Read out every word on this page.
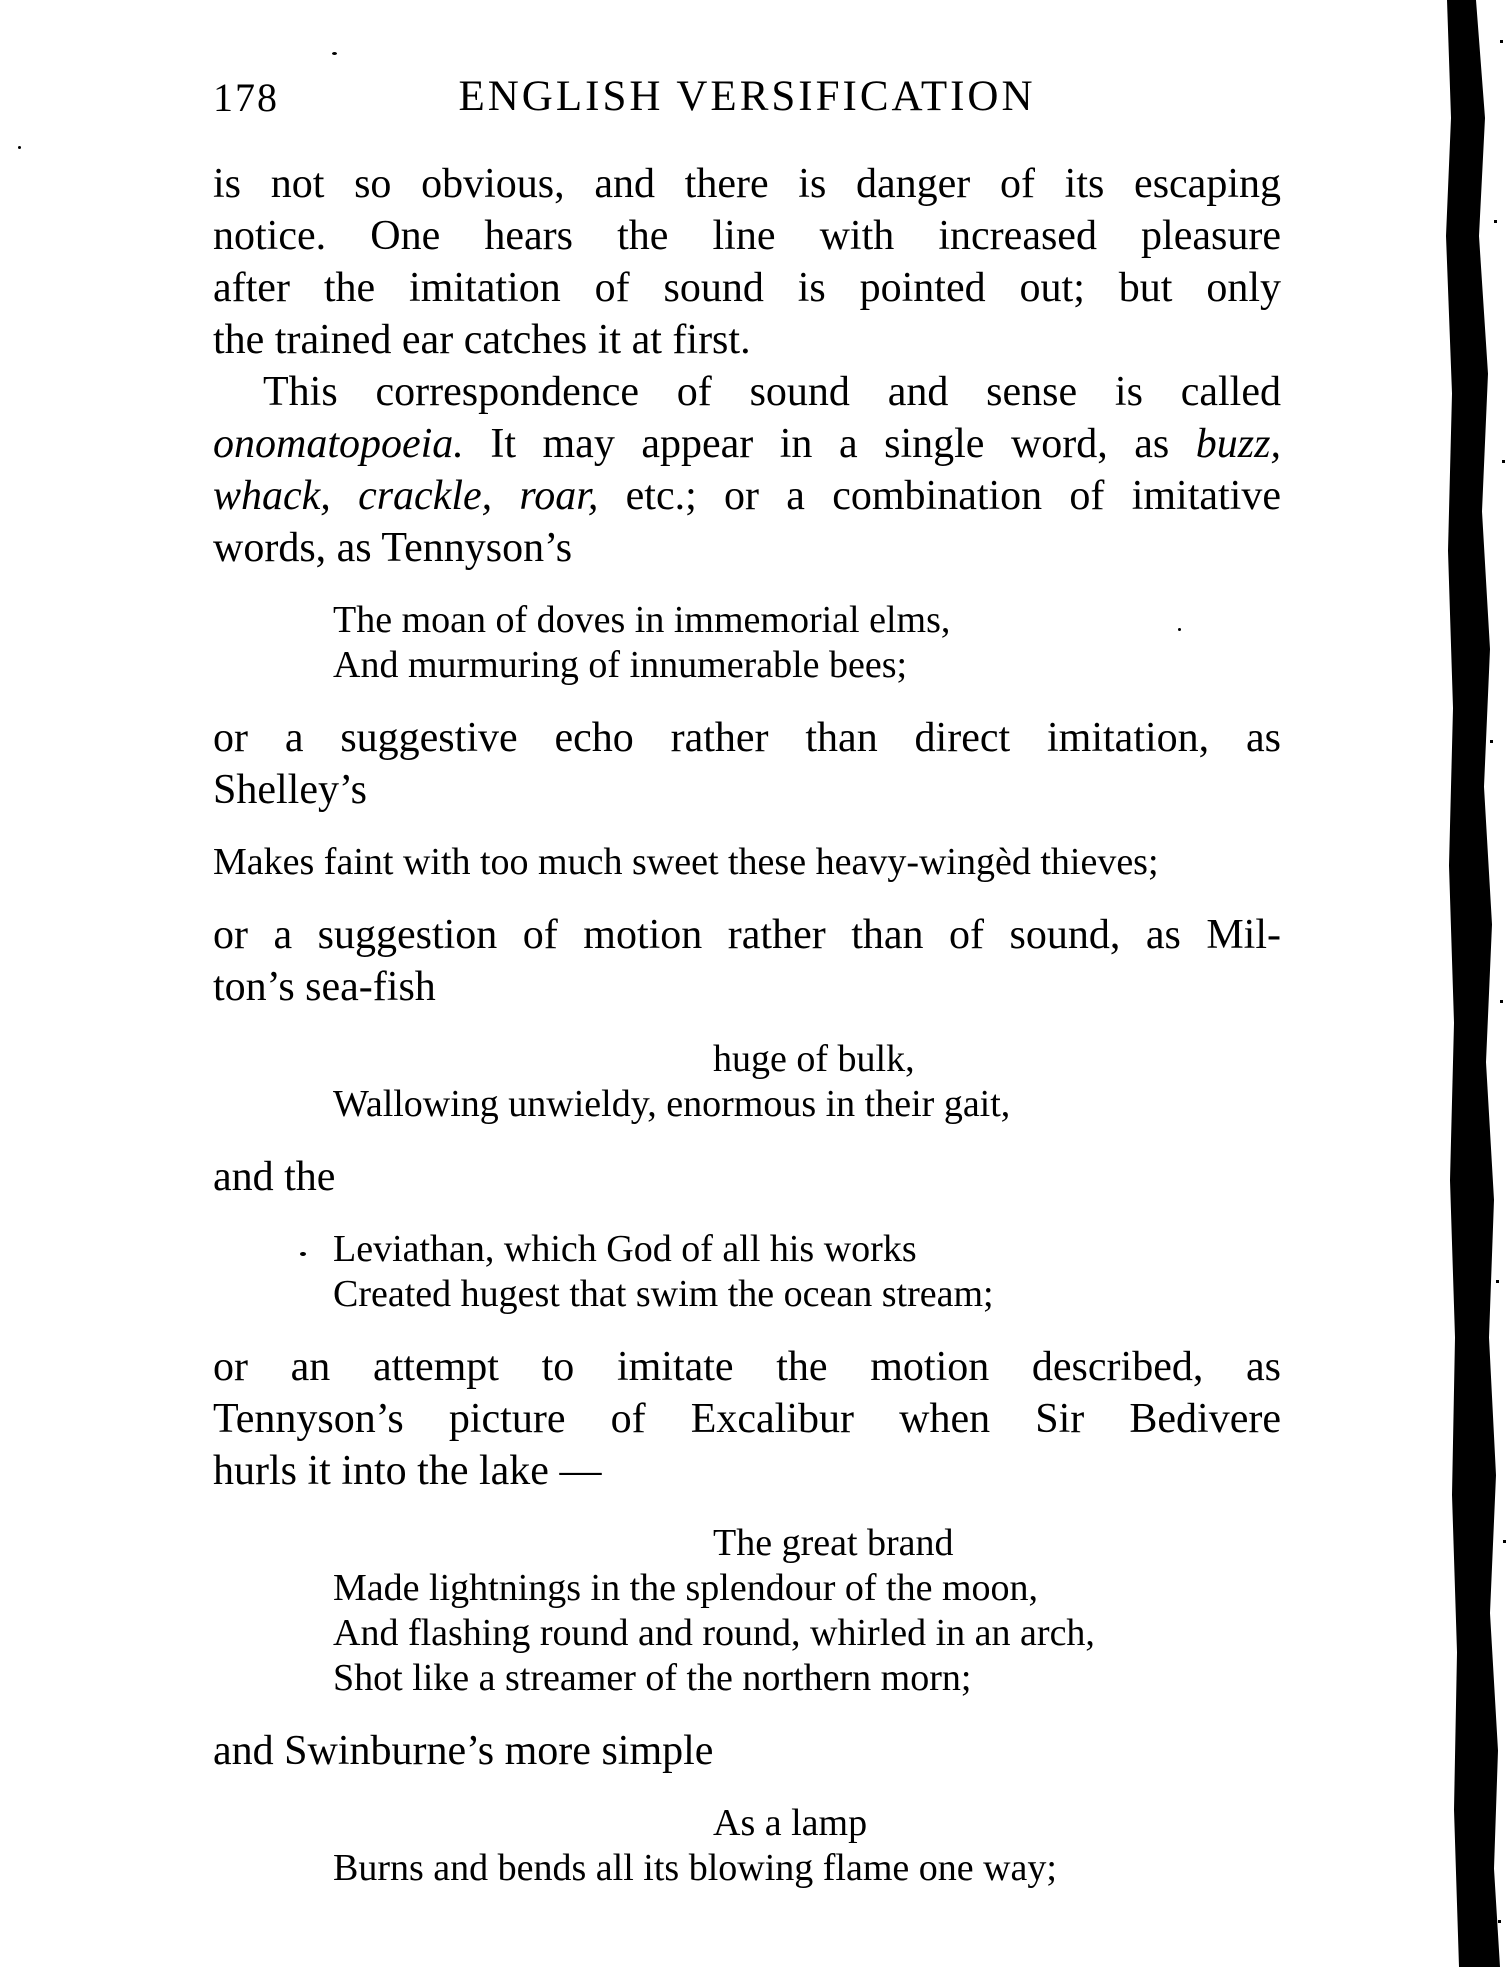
178	ENGLISH VERSIFICATION
is not so obvious, and there is danger of its escaping
notice. One hears the line with increased pleasure
after the imitation of sound is pointed out; but only
the trained ear catches it at first.
This correspondence of sound and sense is called
onomatopoeia. It may appear in a single word, as buzz,
whack, crackle, roar, etc.; or a combination of imitative
words, as Tennyson’s
The moan of doves in immemorial elms,
And murmuring of innumerable bees;
or a suggestive echo rather than direct imitation, as
Shelley’s
Makes faint with too much sweet these heavy-wingèd thieves;
or a suggestion of motion rather than of sound, as Mil-
ton’s sea-fish
huge of bulk,
Wallowing unwieldy, enormous in their gait,
and the
Leviathan, which God of all his works
Created hugest that swim the ocean stream;
or an attempt to imitate the motion described, as
Tennyson’s picture of Excalibur when Sir Bedivere
hurls it into the lake —
The great brand
Made lightnings in the splendour of the moon,
And flashing round and round, whirled in an arch,
Shot like a streamer of the northern morn;
and Swinburne’s more simple
As a lamp
Burns and bends all its blowing flame one way;
